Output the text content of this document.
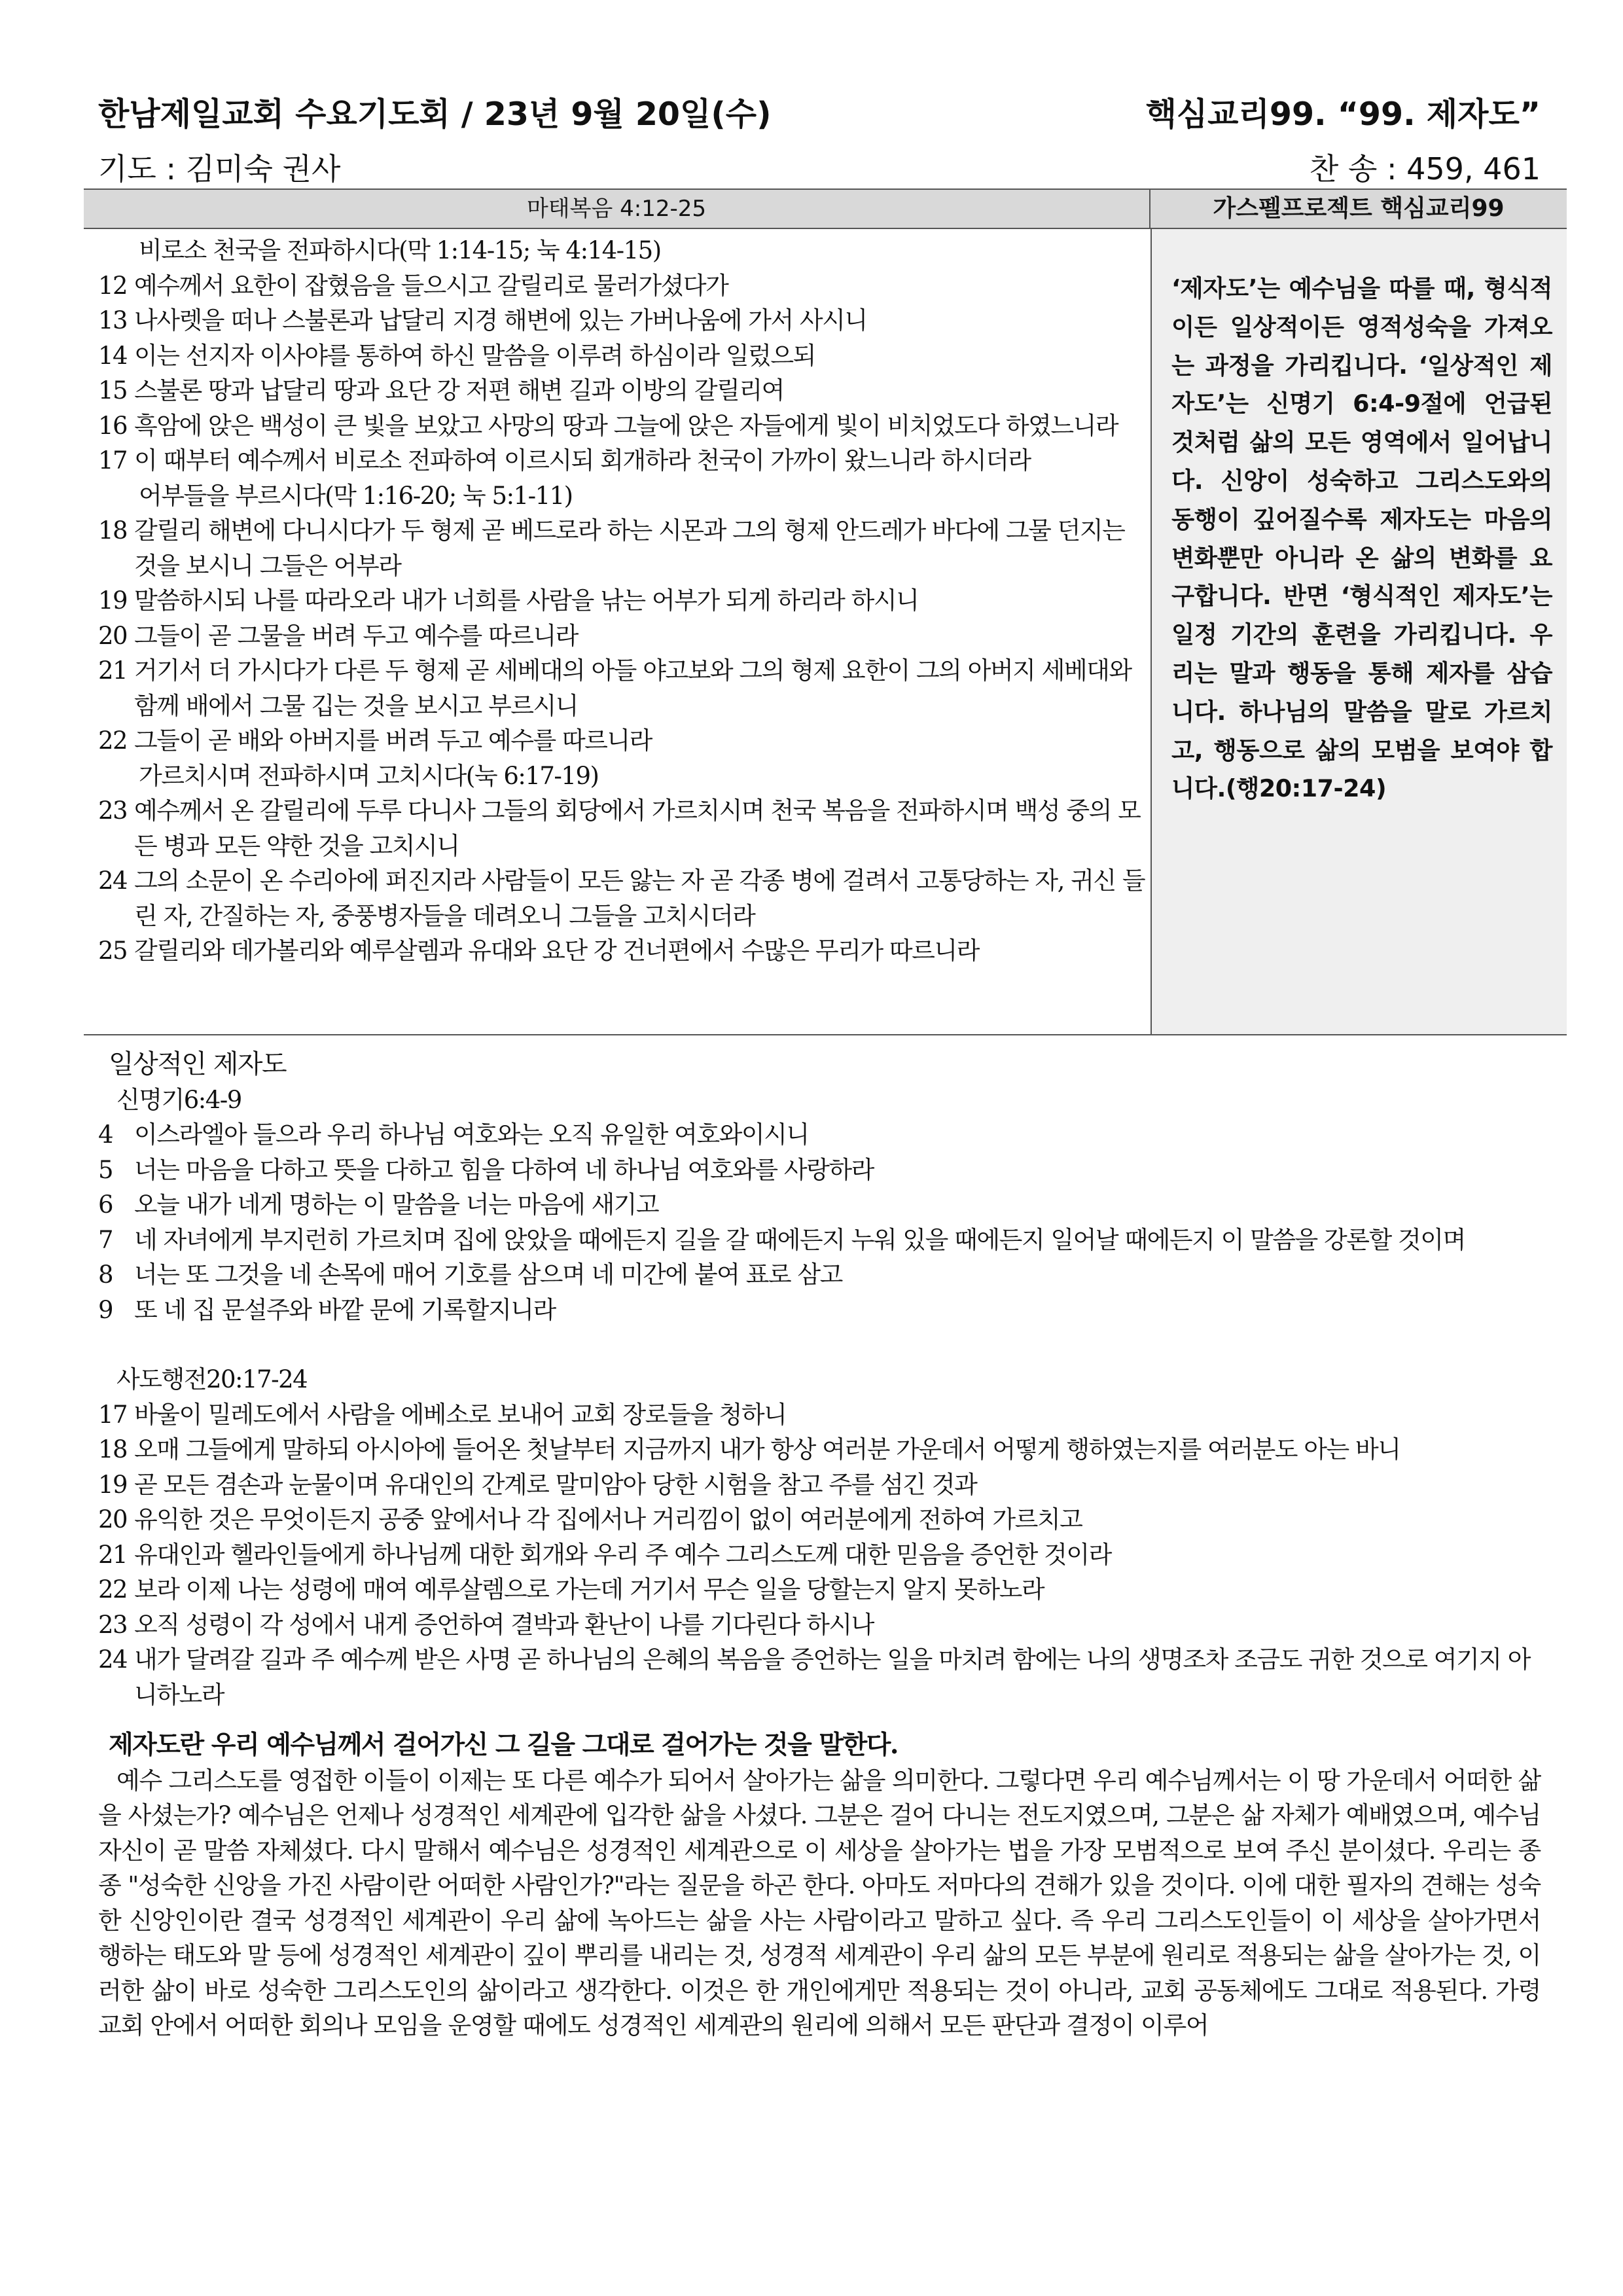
한남제일교회 수요기도회 / 23년 9월 20일(수)	핵심교리99. “99. 제자도”
기도 : 김미숙 권사	찬 송 : 459, 461
마태복음 4:12-25	가스펠프로젝트 핵심교리99
비로소 천국을 전파하시다(막 1:14-15; 눅 4:14-15)
12 예수께서 요한이 잡혔음을 들으시고 갈릴리로 물러가셨다가
13 나사렛을 떠나 스불론과 납달리 지경 해변에 있는 가버나움에 가서 사시니
14 이는 선지자 이사야를 통하여 하신 말씀을 이루려 하심이라 일렀으되
15 스불론 땅과 납달리 땅과 요단 강 저편 해변 길과 이방의 갈릴리여
16 흑암에 앉은 백성이 큰 빛을 보았고 사망의 땅과 그늘에 앉은 자들에게 빛이 비치었도다 하였느니라
17 이 때부터 예수께서 비로소 전파하여 이르시되 회개하라 천국이 가까이 왔느니라 하시더라
어부들을 부르시다(막 1:16-20; 눅 5:1-11)
18 갈릴리 해변에 다니시다가 두 형제 곧 베드로라 하는 시몬과 그의 형제 안드레가 바다에 그물 던지는 것을 보시니 그들은 어부라
19 말씀하시되 나를 따라오라 내가 너희를 사람을 낚는 어부가 되게 하리라 하시니
20 그들이 곧 그물을 버려 두고 예수를 따르니라
21 거기서 더 가시다가 다른 두 형제 곧 세베대의 아들 야고보와 그의 형제 요한이 그의 아버지 세베대와 함께 배에서 그물 깁는 것을 보시고 부르시니
22 그들이 곧 배와 아버지를 버려 두고 예수를 따르니라
가르치시며 전파하시며 고치시다(눅 6:17-19)
23 예수께서 온 갈릴리에 두루 다니사 그들의 회당에서 가르치시며 천국 복음을 전파하시며 백성 중의 모든 병과 모든 약한 것을 고치시니
24 그의 소문이 온 수리아에 퍼진지라 사람들이 모든 앓는 자 곧 각종 병에 걸려서 고통당하는 자, 귀신 들린 자, 간질하는 자, 중풍병자들을 데려오니 그들을 고치시더라
25 갈릴리와 데가볼리와 예루살렘과 유대와 요단 강 건너편에서 수많은 무리가 따르니라
‘제자도’는 예수님을 따를 때, 형식적이든 일상적이든 영적성숙을 가져오는 과정을 가리킵니다. ‘일상적인 제자도’는 신명기 6:4-9절에 언급된 것처럼 삶의 모든 영역에서 일어납니다. 신앙이 성숙하고 그리스도와의 동행이 깊어질수록 제자도는 마음의 변화뿐만 아니라 온 삶의 변화를 요구합니다. 반면 ‘형식적인 제자도’는 일정 기간의 훈련을 가리킵니다. 우리는 말과 행동을 통해 제자를 삼습니다. 하나님의 말씀을 말로 가르치고, 행동으로 삶의 모범을 보여야 합니다.(행20:17-24)
일상적인 제자도
신명기6:4-9
4 이스라엘아 들으라 우리 하나님 여호와는 오직 유일한 여호와이시니
5 너는 마음을 다하고 뜻을 다하고 힘을 다하여 네 하나님 여호와를 사랑하라
6 오늘 내가 네게 명하는 이 말씀을 너는 마음에 새기고
7 네 자녀에게 부지런히 가르치며 집에 앉았을 때에든지 길을 갈 때에든지 누워 있을 때에든지 일어날 때에든지 이 말씀을 강론할 것이며
8 너는 또 그것을 네 손목에 매어 기호를 삼으며 네 미간에 붙여 표로 삼고
9 또 네 집 문설주와 바깥 문에 기록할지니라
사도행전20:17-24
17 바울이 밀레도에서 사람을 에베소로 보내어 교회 장로들을 청하니
18 오매 그들에게 말하되 아시아에 들어온 첫날부터 지금까지 내가 항상 여러분 가운데서 어떻게 행하였는지를 여러분도 아는 바니
19 곧 모든 겸손과 눈물이며 유대인의 간계로 말미암아 당한 시험을 참고 주를 섬긴 것과
20 유익한 것은 무엇이든지 공중 앞에서나 각 집에서나 거리낌이 없이 여러분에게 전하여 가르치고
21 유대인과 헬라인들에게 하나님께 대한 회개와 우리 주 예수 그리스도께 대한 믿음을 증언한 것이라
22 보라 이제 나는 성령에 매여 예루살렘으로 가는데 거기서 무슨 일을 당할는지 알지 못하노라
23 오직 성령이 각 성에서 내게 증언하여 결박과 환난이 나를 기다린다 하시나
24 내가 달려갈 길과 주 예수께 받은 사명 곧 하나님의 은혜의 복음을 증언하는 일을 마치려 함에는 나의 생명조차 조금도 귀한 것으로 여기지 아니하노라
제자도란 우리 예수님께서 걸어가신 그 길을 그대로 걸어가는 것을 말한다.
예수 그리스도를 영접한 이들이 이제는 또 다른 예수가 되어서 살아가는 삶을 의미한다. 그렇다면 우리 예수님께서는 이 땅 가운데서 어떠한 삶을 사셨는가? 예수님은 언제나 성경적인 세계관에 입각한 삶을 사셨다. 그분은 걸어 다니는 전도지였으며, 그분은 삶 자체가 예배였으며, 예수님 자신이 곧 말씀 자체셨다. 다시 말해서 예수님은 성경적인 세계관으로 이 세상을 살아가는 법을 가장 모범적으로 보여 주신 분이셨다. 우리는 종종 "성숙한 신앙을 가진 사람이란 어떠한 사람인가?"라는 질문을 하곤 한다. 아마도 저마다의 견해가 있을 것이다. 이에 대한 필자의 견해는 성숙한 신앙인이란 결국 성경적인 세계관이 우리 삶에 녹아드는 삶을 사는 사람이라고 말하고 싶다. 즉 우리 그리스도인들이 이 세상을 살아가면서 행하는 태도와 말 등에 성경적인 세계관이 깊이 뿌리를 내리는 것, 성경적 세계관이 우리 삶의 모든 부분에 원리로 적용되는 삶을 살아가는 것, 이러한 삶이 바로 성숙한 그리스도인의 삶이라고 생각한다. 이것은 한 개인에게만 적용되는 것이 아니라, 교회 공동체에도 그대로 적용된다. 가령 교회 안에서 어떠한 회의나 모임을 운영할 때에도 성경적인 세계관의 원리에 의해서 모든 판단과 결정이 이루어
